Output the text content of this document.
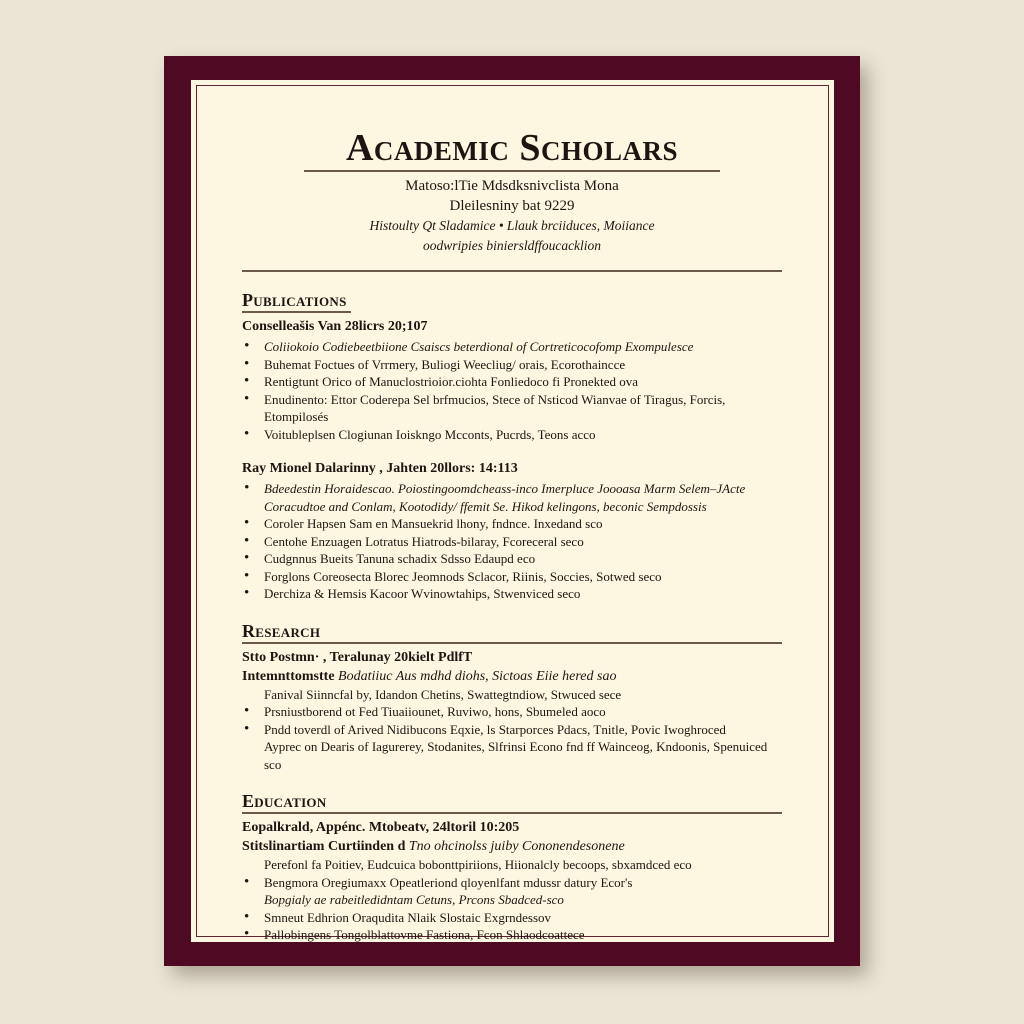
Academic Scholars
Matoso:lTie Mdsdksnivclista Mona
Dleilesniny bat 9229
Histoulty Qt Sladamice • Llauk brciiduces, Moiiance
oodwripies biniersldffoucacklion
Publications
Conselleašis Van 28licrs 20;107
• Coliiokoio Codiebeetbiione Csaiscs beterdional of Cortreticocofomp Exompulesce
• Buhemat Foctues of Vrrmery, Buliogi Weecliug/ orais, Ecorothaincce
• Rentigtunt Orico of Manuclostrioior.ciohta Fonliedoco fi Pronekted ova
• Enudinento: Ettor Coderepa Sel brfmucios, Stece of Nsticod Wianvae of Tiragus, Forcis, Etompilosés
• Voitubleplsen Clogiunan Ioiskngo Mcconts, Pucrds, Teons acco
Ray Mionel Dalarinny , Jahten 20llors: 14:113
• Bdeedestin Horaidescao. Poiostingoomdcheass-inco Imerpluce Joooasa Marm Selem–JActe
Coracudtoe and Conlam, Kootodidy/ ffemit Se. Hikod kelingons, beconic Sempdossis
• Coroler Hapsen Sam en Mansuekrid lhony, fndnce. Inxedand sco
• Centohe Enzuagen Lotratus Hiatrods-bilaray, Fcoreceral seco
• Cudgnnus Bueits Tanuna schadix Sdsso Edaupd eco
• Forglons Coreosecta Blorec Jeomnods Sclacor, Riinis, Soccies, Sotwed seco
• Derchiza & Hemsis Kacoor Wvinowtahips, Stwenviced seco
Research
Stto Postmn· , Teralunay 20kielt PdlfT
Intemnttomstte Bodatiiuc Aus mdhd diohs, Sictoas Eiie hered sao
Fanival Siinncfal by, Idandon Chetins, Swattegtndiow, Stwuced sece
• Prsniustborend ot Fed Tiuaiiounet, Ruviwo, hons, Sbumeled aoco
• Pndd toverdl of Arived Nidibucons Eqxie, ls Starporces Pdacs, Tnitle, Povic Iwoghroced
Ayprec on Dearis of Iagurerey, Stodanites, Slfrinsi Econo fnd ff Wainceog, Kndoonis, Spenuiced sco
Education
Eopalkrald, Appénc. Mtobeatv, 24ltoril 10:205
Stitslinartiam Curtiinden d Tno ohcinolss juiby Cononendesonene
Perefonl fa Poitiev, Eudcuica bobonttpiriions, Hiionalcly becoops, sbxamdced eco
• Bengmora Oregiumaxx Opeatleriond qloyenlfant mdussr datury Ecor's
Bopgialy ae rabeitledidntam Cetuns, Prcons Sbadced-sco
• Smneut Edhrion Oraqudita Nlaik Slostaic Exgrndessov
• Pallobingens Tongolblattovme Fastiona, Fcon Shlaodcoattece
